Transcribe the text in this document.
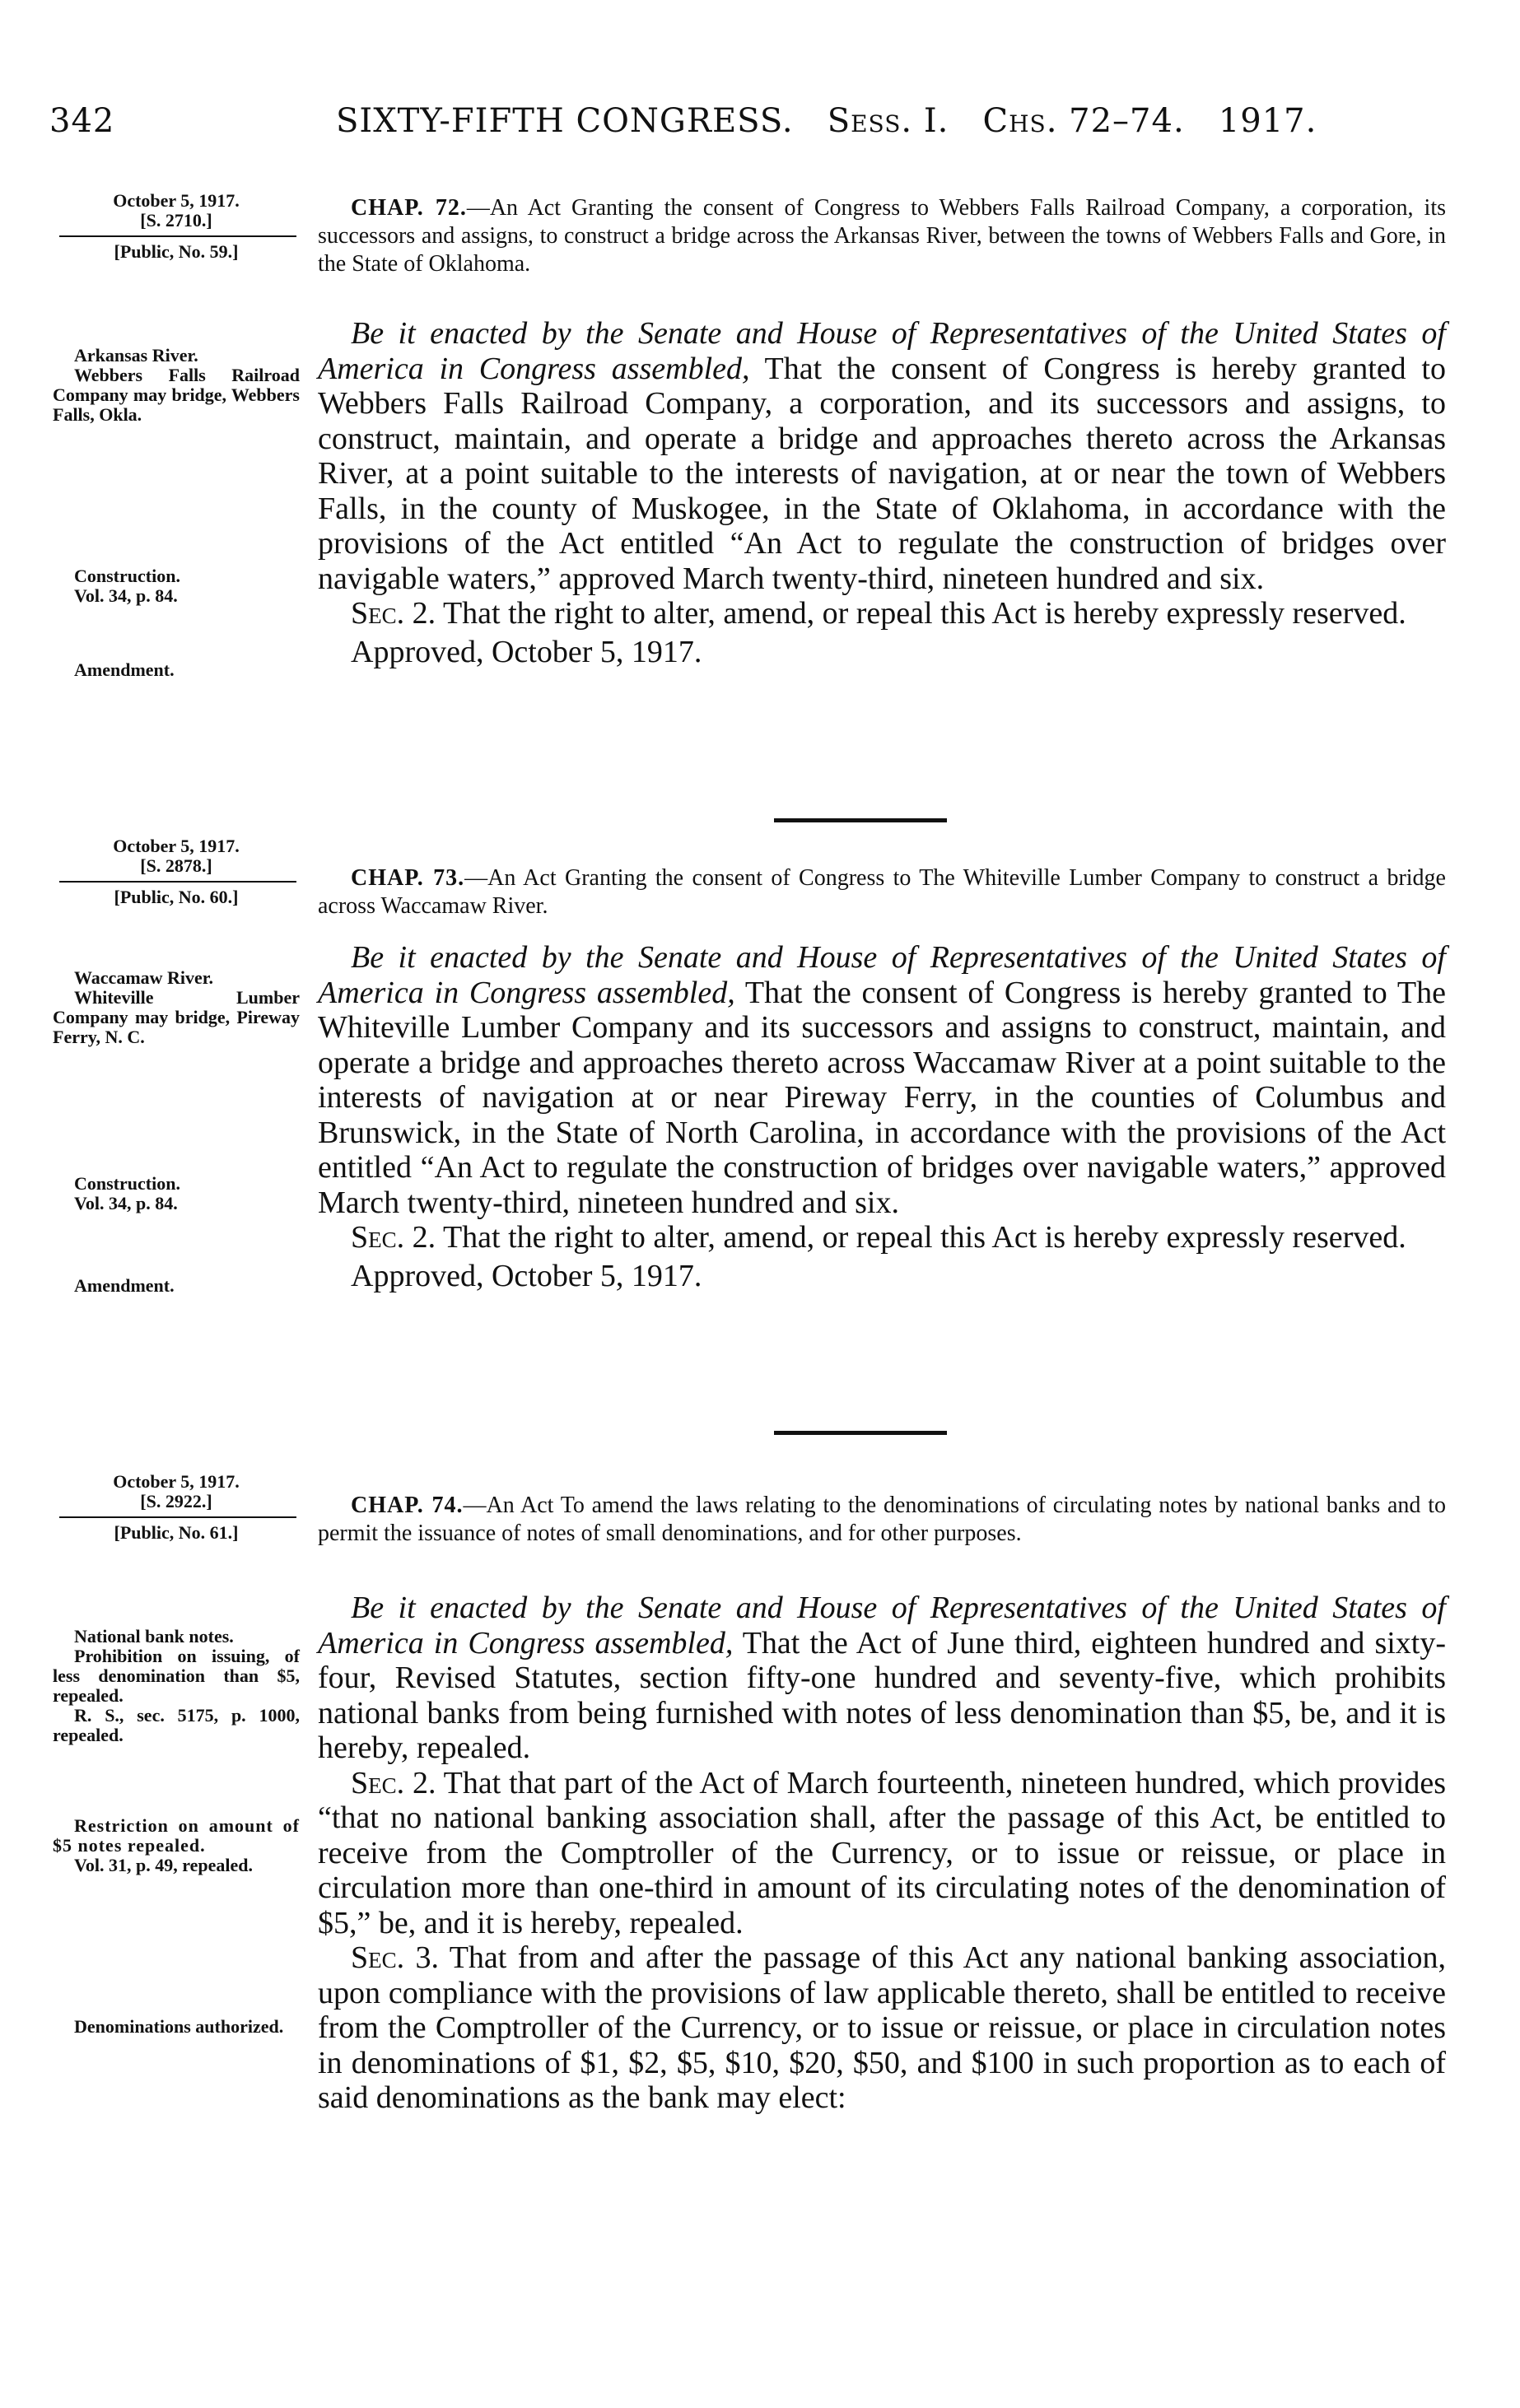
342	SIXTY-FIFTH CONGRESS. Sess. I. Chs. 72–74. 1917.
October 5, 1917.
[S. 2710.]
[Public, No. 59.]
Arkansas River.
Webbers Falls Railroad Company may bridge, Webbers Falls, Okla.
Construction.
Vol. 34, p. 84.
Amendment.

CHAP. 72.—An Act Granting the consent of Congress to Webbers Falls Railroad Company, a corporation, its successors and assigns, to construct a bridge across the Arkansas River, between the towns of Webbers Falls and Gore, in the State of Oklahoma.

Be it enacted by the Senate and House of Representatives of the United States of America in Congress assembled, That the consent of Congress is hereby granted to Webbers Falls Railroad Company, a corporation, and its successors and assigns, to construct, maintain, and operate a bridge and approaches thereto across the Arkansas River, at a point suitable to the interests of navigation, at or near the town of Webbers Falls, in the county of Muskogee, in the State of Oklahoma, in accordance with the provisions of the Act entitled “An Act to regulate the construction of bridges over navigable waters,” approved March twenty-third, nineteen hundred and six.

Sec. 2. That the right to alter, amend, or repeal this Act is hereby expressly reserved.

Approved, October 5, 1917.

October 5, 1917.
[S. 2878.]
[Public, No. 60.]
Waccamaw River.
Whiteville Lumber Company may bridge, Pireway Ferry, N. C.
Construction.
Vol. 34, p. 84.
Amendment.

CHAP. 73.—An Act Granting the consent of Congress to The Whiteville Lumber Company to construct a bridge across Waccamaw River.

Be it enacted by the Senate and House of Representatives of the United States of America in Congress assembled, That the consent of Congress is hereby granted to The Whiteville Lumber Company and its successors and assigns to construct, maintain, and operate a bridge and approaches thereto across Waccamaw River at a point suitable to the interests of navigation at or near Pireway Ferry, in the counties of Columbus and Brunswick, in the State of North Carolina, in accordance with the provisions of the Act entitled “An Act to regulate the construction of bridges over navigable waters,” approved March twenty-third, nineteen hundred and six.

Sec. 2. That the right to alter, amend, or repeal this Act is hereby expressly reserved.

Approved, October 5, 1917.

October 5, 1917.
[S. 2922.]
[Public, No. 61.]
National bank notes.
Prohibition on issuing, of less denomination than $5, repealed.
R. S., sec. 5175, p. 1000, repealed.
Restriction on amount of $5 notes repealed.
Vol. 31, p. 49, repealed.
Denominations authorized.

CHAP. 74.—An Act To amend the laws relating to the denominations of circulating notes by national banks and to permit the issuance of notes of small denominations, and for other purposes.

Be it enacted by the Senate and House of Representatives of the United States of America in Congress assembled, That the Act of June third, eighteen hundred and sixty-four, Revised Statutes, section fifty-one hundred and seventy-five, which prohibits national banks from being furnished with notes of less denomination than $5, be, and it is hereby, repealed.

Sec. 2. That that part of the Act of March fourteenth, nineteen hundred, which provides “that no national banking association shall, after the passage of this Act, be entitled to receive from the Comptroller of the Currency, or to issue or reissue, or place in circulation more than one-third in amount of its circulating notes of the denomination of $5,” be, and it is hereby, repealed.

Sec. 3. That from and after the passage of this Act any national banking association, upon compliance with the provisions of law applicable thereto, shall be entitled to receive from the Comptroller of the Currency, or to issue or reissue, or place in circulation notes in denominations of $1, $2, $5, $10, $20, $50, and $100 in such proportion as to each of said denominations as the bank may elect:
